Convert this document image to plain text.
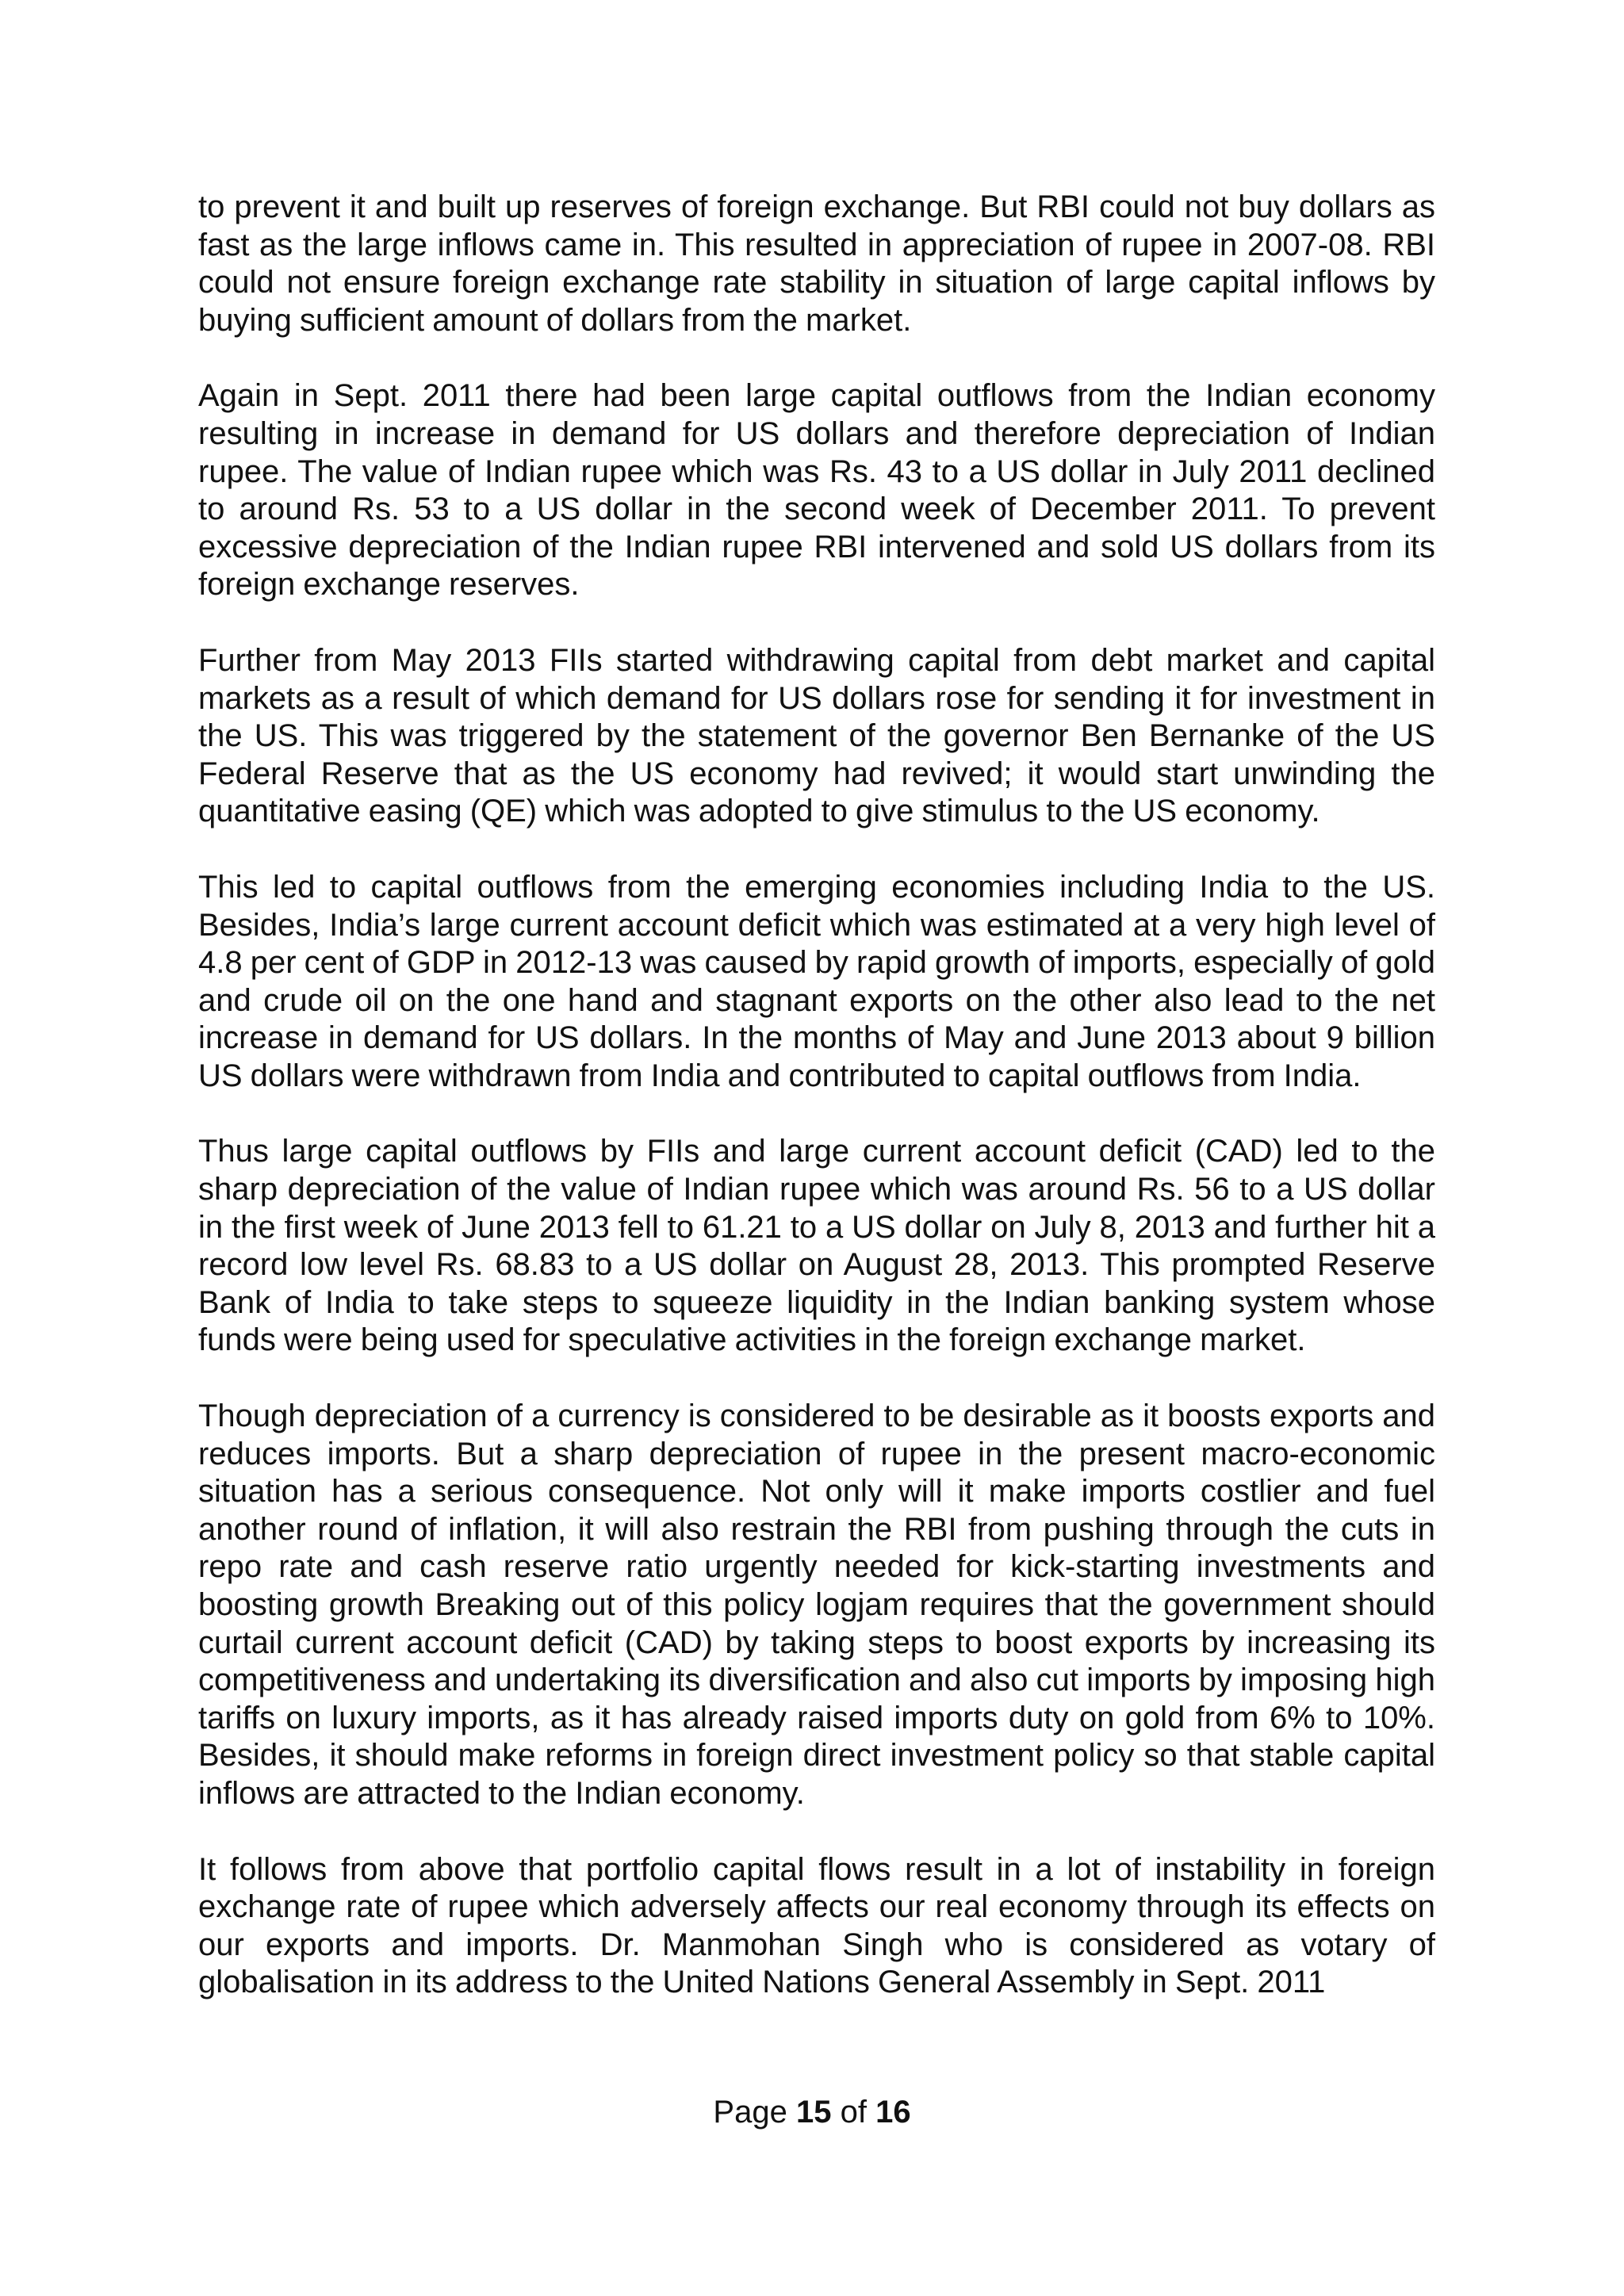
to prevent it and built up reserves of foreign exchange. But RBI could not buy dollars as fast as the large inflows came in. This resulted in appreciation of rupee in 2007-08. RBI could not ensure foreign exchange rate stability in situation of large capital inflows by buying sufficient amount of dollars from the market.

Again in Sept. 2011 there had been large capital outflows from the Indian economy resulting in increase in demand for US dollars and therefore depreciation of Indian rupee. The value of Indian rupee which was Rs. 43 to a US dollar in July 2011 declined to around Rs. 53 to a US dollar in the second week of December 2011. To prevent excessive depreciation of the Indian rupee RBI intervened and sold US dollars from its foreign exchange reserves.

Further from May 2013 FIIs started withdrawing capital from debt market and capital markets as a result of which demand for US dollars rose for sending it for investment in the US. This was triggered by the statement of the governor Ben Bernanke of the US Federal Reserve that as the US economy had revived; it would start unwinding the quantitative easing (QE) which was adopted to give stimulus to the US economy.

This led to capital outflows from the emerging economies including India to the US. Besides, India’s large current account deficit which was estimated at a very high level of 4.8 per cent of GDP in 2012-13 was caused by rapid growth of imports, especially of gold and crude oil on the one hand and stagnant exports on the other also lead to the net increase in demand for US dollars. In the months of May and June 2013 about 9 billion US dollars were withdrawn from India and contributed to capital outflows from India.

Thus large capital outflows by FIIs and large current account deficit (CAD) led to the sharp depreciation of the value of Indian rupee which was around Rs. 56 to a US dollar in the first week of June 2013 fell to 61.21 to a US dollar on July 8, 2013 and further hit a record low level Rs. 68.83 to a US dollar on August 28, 2013. This prompted Reserve Bank of India to take steps to squeeze liquidity in the Indian banking system whose funds were being used for speculative activities in the foreign exchange market.

Though depreciation of a currency is considered to be desirable as it boosts exports and reduces imports. But a sharp depreciation of rupee in the present macro-economic situation has a serious consequence. Not only will it make imports costlier and fuel another round of inflation, it will also restrain the RBI from pushing through the cuts in repo rate and cash reserve ratio urgently needed for kick-starting investments and boosting growth Breaking out of this policy logjam requires that the government should curtail current account deficit (CAD) by taking steps to boost exports by increasing its competitiveness and undertaking its diversification and also cut imports by imposing high tariffs on luxury imports, as it has already raised imports duty on gold from 6% to 10%. Besides, it should make reforms in foreign direct investment policy so that stable capital inflows are attracted to the Indian economy.

It follows from above that portfolio capital flows result in a lot of instability in foreign exchange rate of rupee which adversely affects our real economy through its effects on our exports and imports. Dr. Manmohan Singh who is considered as votary of globalisation in its address to the United Nations General Assembly in Sept. 2011

Page 15 of 16
